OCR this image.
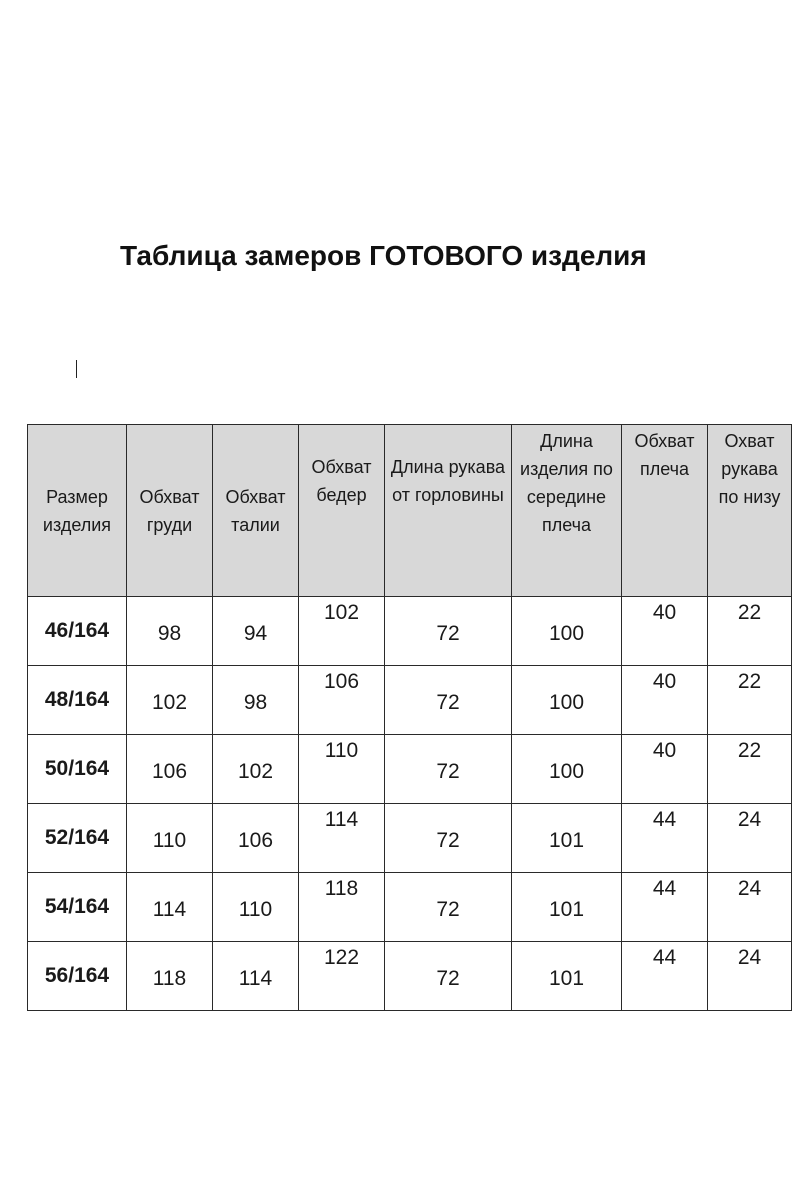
Таблица замеров ГОТОВОГО изделия
Размер изделия	Обхват груди	Обхват талии	Обхват бедер	Длина рукава от горловины	Длина изделия по середине плеча	Обхват плеча	Охват рукава по низу
46/164	98	94	102	72	100	40	22
48/164	102	98	106	72	100	40	22
50/164	106	102	110	72	100	40	22
52/164	110	106	114	72	101	44	24
54/164	114	110	118	72	101	44	24
56/164	118	114	122	72	101	44	24
